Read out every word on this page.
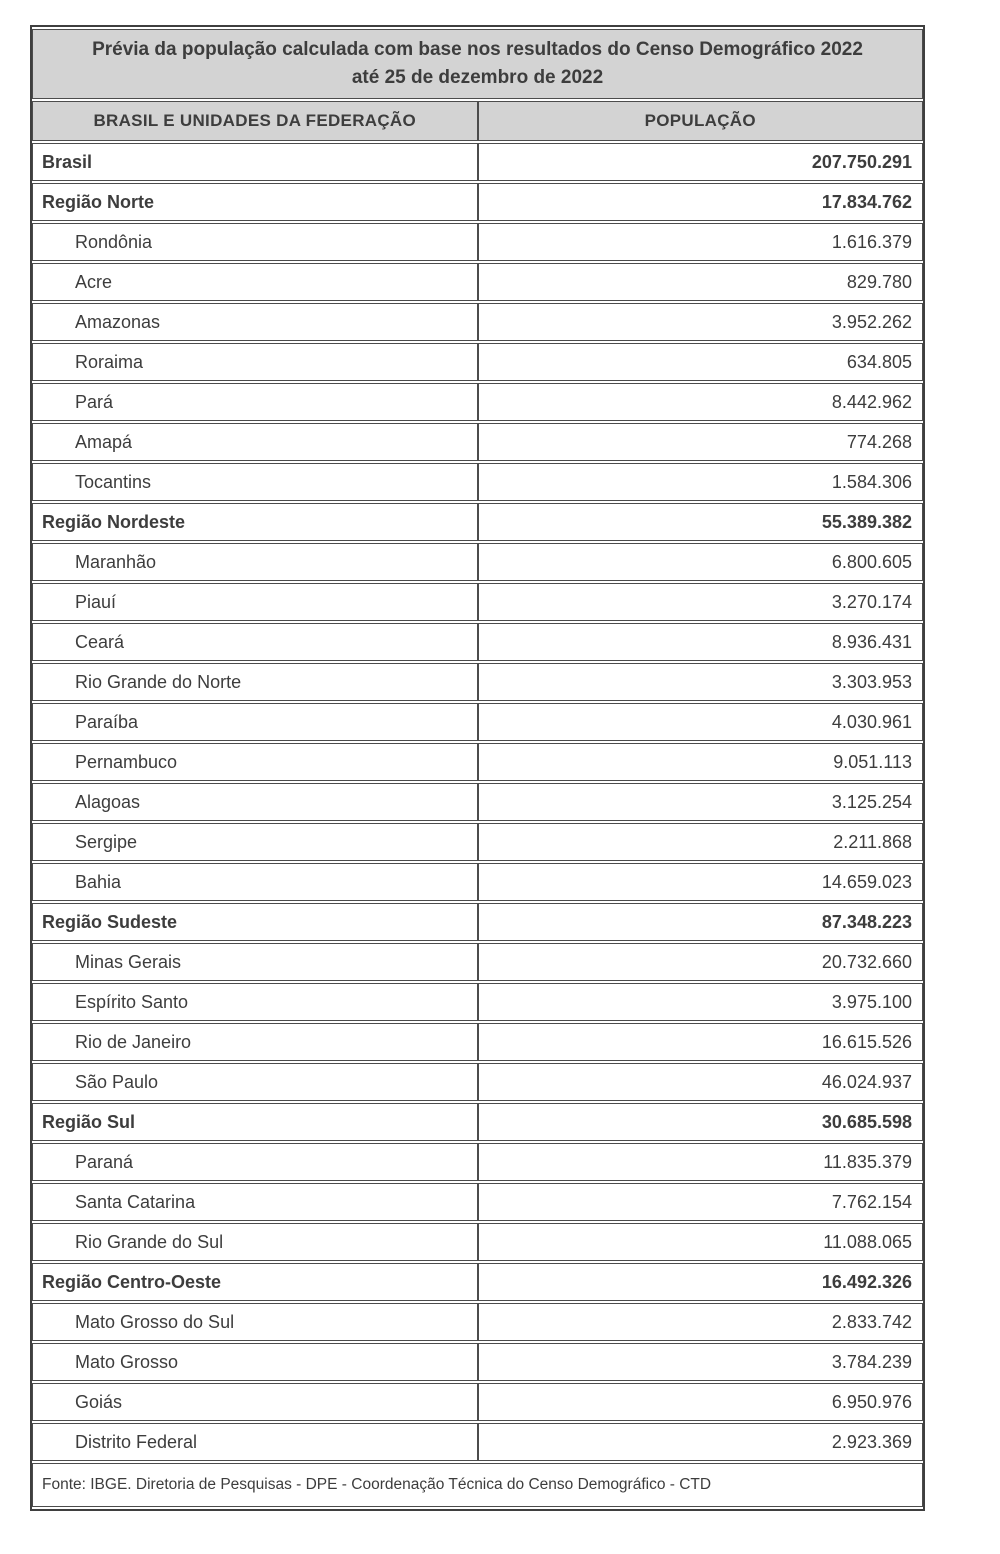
Prévia da população calculada com base nos resultados do Censo Demográfico 2022
até 25 de dezembro de 2022	

BRASIL E UNIDADES DA FEDERAÇÃO	POPULAÇÃO
Brasil	207.750.291
Região Norte	17.834.762
Rondônia	1.616.379
Acre	829.780
Amazonas	3.952.262
Roraima	634.805
Pará	8.442.962
Amapá	774.268
Tocantins	1.584.306
Região Nordeste	55.389.382
Maranhão	6.800.605
Piauí	3.270.174
Ceará	8.936.431
Rio Grande do Norte	3.303.953
Paraíba	4.030.961
Pernambuco	9.051.113
Alagoas	3.125.254
Sergipe	2.211.868
Bahia	14.659.023
Região Sudeste	87.348.223
Minas Gerais	20.732.660
Espírito Santo	3.975.100
Rio de Janeiro	16.615.526
São Paulo	46.024.937
Região Sul	30.685.598
Paraná	11.835.379
Santa Catarina	7.762.154
Rio Grande do Sul	11.088.065
Região Centro-Oeste	16.492.326
Mato Grosso do Sul	2.833.742
Mato Grosso	3.784.239
Goiás	6.950.976
Distrito Federal	2.923.369
Fonte: IBGE. Diretoria de Pesquisas - DPE - Coordenação Técnica do Censo Demográfico - CTD	
